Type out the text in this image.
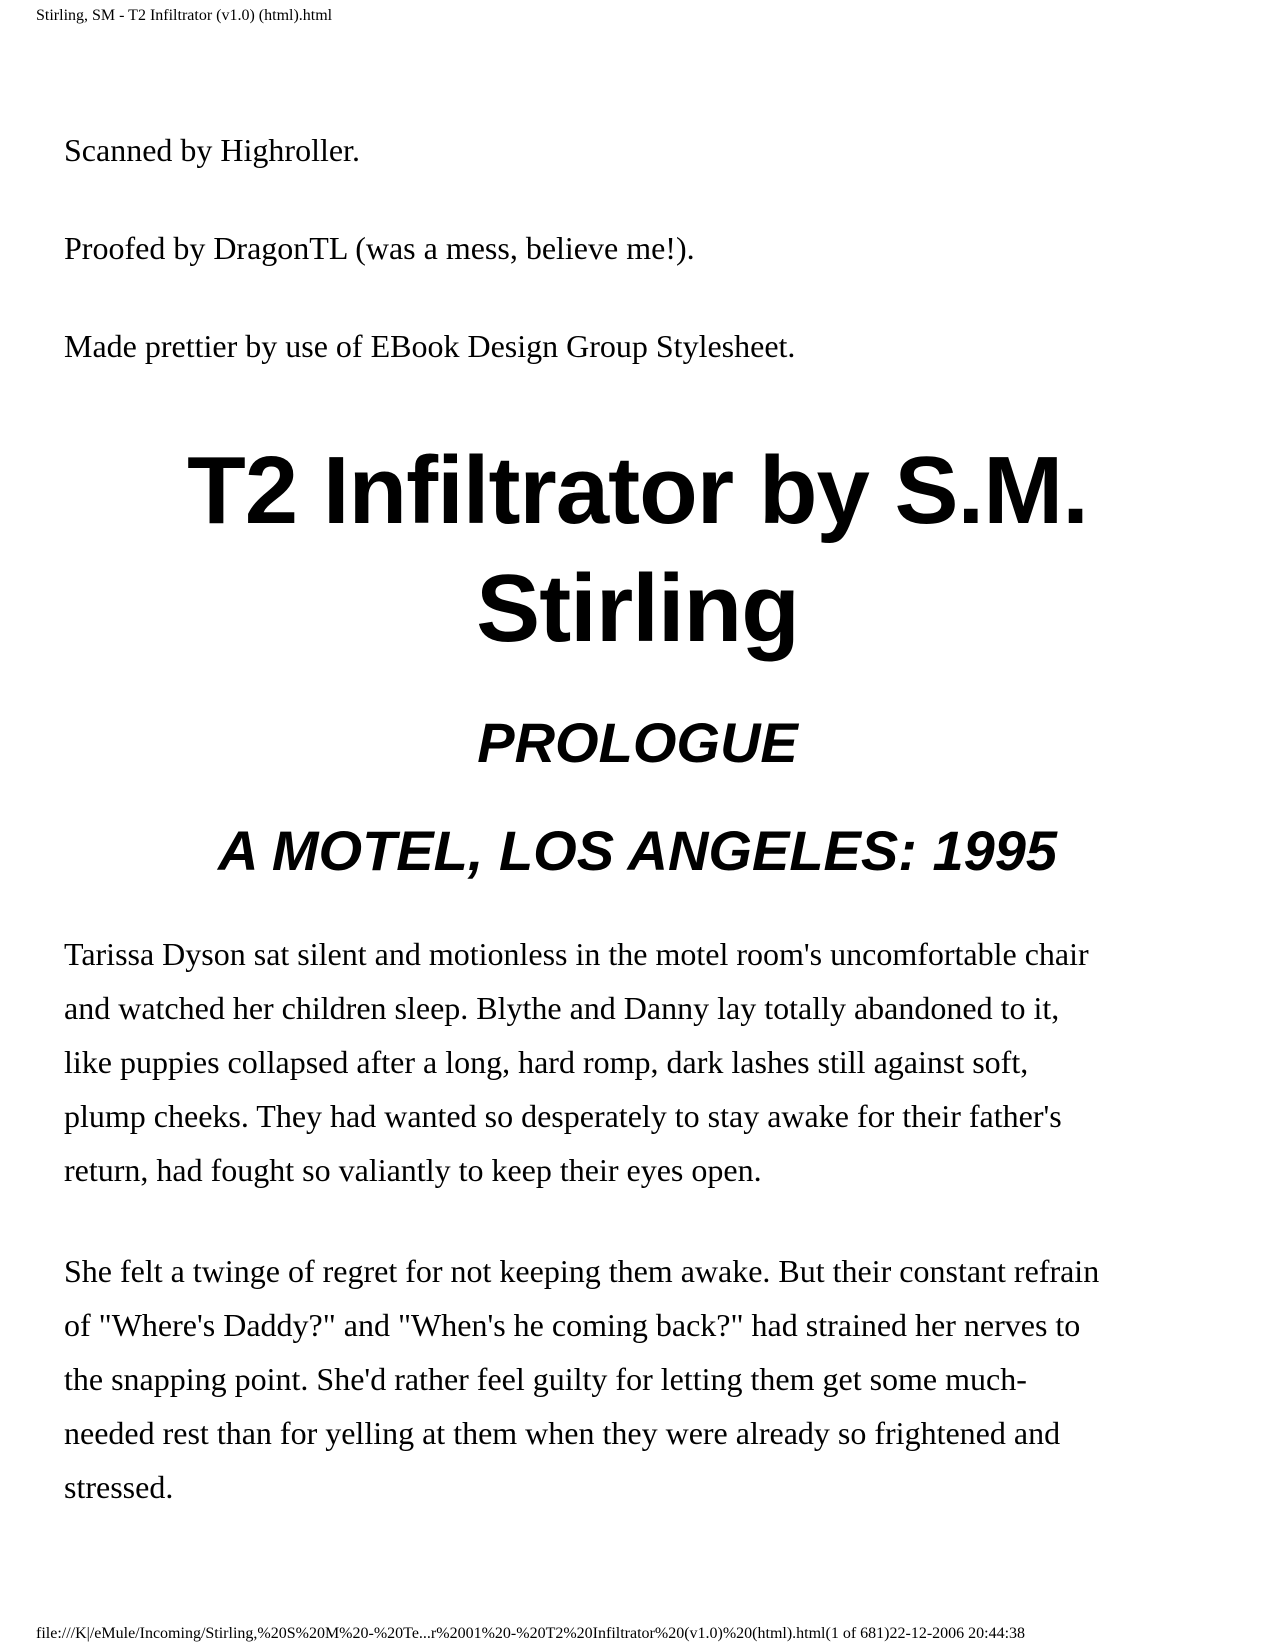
Stirling, SM - T2 Infiltrator (v1.0) (html).html

Scanned by Highroller.

Proofed by DragonTL (was a mess, believe me!).

Made prettier by use of EBook Design Group Stylesheet.

T2 Infiltrator by S.M.
Stirling
PROLOGUE
A MOTEL, LOS ANGELES: 1995

Tarissa Dyson sat silent and motionless in the motel room's uncomfortable chair
and watched her children sleep. Blythe and Danny lay totally abandoned to it,
like puppies collapsed after a long, hard romp, dark lashes still against soft,
plump cheeks. They had wanted so desperately to stay awake for their father's
return, had fought so valiantly to keep their eyes open.

She felt a twinge of regret for not keeping them awake. But their constant refrain
of "Where's Daddy?" and "When's he coming back?" had strained her nerves to
the snapping point. She'd rather feel guilty for letting them get some much-
needed rest than for yelling at them when they were already so frightened and
stressed.

file:///K|/eMule/Incoming/Stirling,%20S%20M%20-%20Te...r%2001%20-%20T2%20Infiltrator%20(v1.0)%20(html).html(1 of 681)22-12-2006 20:44:38
